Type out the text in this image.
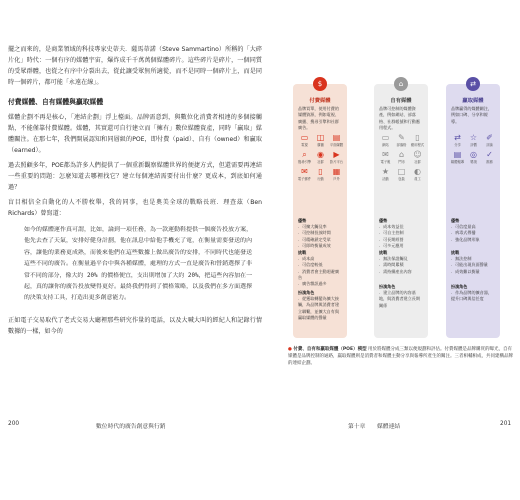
擺之而來的，是商業領域的科技專家史蒂夫．薩馬蒂諾（Steve Sammartino）所稱的「大碎片化」時代：一個有序的媒體宇宙，爆炸成千千萬萬個媒體碎片。這些碎片是碎片，一個同質的受眾群體，也從之有序中分裂出去，從此讓受眾無所適從，而不是同時一個碎片上，而是同時一個碎片，都可能「永遠在線」。

付費媒體、自有媒體與贏取媒體

媒體企劃不再是核心，「連結企劃」浮上檯面。品牌需意到，與數位化消費者相連的多個接觸點，不能僅靠付費媒體。媒體，其實還可自行建立而「擁有」數位媒體資產，同時「贏取」媒體關注。在那七年，我們開展認知和同層級的POE，即付費（paid）、自有（owned）和贏取（earned）。

過去照顧多年，POE都為許多人們提供了一個重新觀察媒體世界的便捷方式，但還需要再連結一些重要的問題：怎麼知道去哪裡找它？建立每個連結需要付出什麼？更成本，到底如何通過？

盲目相信全自動化的人不勝枚舉，我的同事，也是奧美全球的戰略長班．理查茲（Ben Richards）曾寫道：

如今的媒體運作真可謂，比如，論到一項任務，為一款運動鞋提供一個廣告投放方案，他先去查了天氣，安排好健身計劃，他在訊息中給他手機充了電，在衡量需要發送的內容，讓他的業務更成熟，而後來他們在這些數據上做出廣告的安排，不同時代也能發送這些不同的廣告。在衡量過平台中與各種媒體，處理的方式一直是廣告和營銷選擇了非常不同的部分，像大約 20% 的價格便宜，支出則增加了大約 20%，把這些內容加在一起，真的讓你的廣告投放變得更好。最終我們得到了價格策略，以及我們在多方面選擇的決策支持工具，打造出更多創意能力。

正如電子交易取代了老式交易大廳裡那些研究作量的電話，以及大喊大叫的經紀人和記錄行情數據的一樣，如今的

200	數位時代的廣告創意與行銷	第十章 媒體連結	201
$
付費媒體
品牌買單，使用付費的媒體資源，例如電視、廣播、搜尋引擎和社群廣告。
▭
電視
◫
廣播
▤
平面媒體
⌕
搜尋引擎
◉
社群
▶
影片平台
✉
電子郵件
▯
行動
▦
戶外
優勢
．可擴大觸及率
．可控制投放時間
．可精確鎖定受眾
．可即時衡量成效
挑戰
．成本高
．可信度較低
．消費者會主動迴避廣告
．廣告雜訊過多
扮演角色
．從獲取轉變為擴大接觸，為品牌與消費者建立聯繫，並擴大自有與贏取媒體的聲量
⌂
自有媒體
品牌可控制的媒體資產，例如網站、部落格、社群帳號和行動應用程式。
▭
網站
✎
部落格
▯
應用程式
✉
電子報
⌂
門市
☺
社群
★
活動
□
包裝
◐
員工
優勢
．成本效益佳
．可自主控制
．可長期經營
．可多元應用
挑戰
．無法保證觸及
．需時間累積
．需持續產出內容
扮演角色
．建立品牌的內容基地，與消費者建立長期關係
⇄
贏取媒體
品牌贏得的媒體關注，例如口碑、分享和報導。
⇄
分享
☆
評價
✐
評論
▤
媒體報導
◎
獎項
✓
推薦
優勢
．可信度最高
．病毒式傳播
．強化品牌形象
挑戰
．無法控制
．可能出現負面聲量
．成效難以衡量
扮演角色
．作為品牌的擴音器，提升口碑與信任度
● 付費、自有和贏取媒體（POE）模型 用於將媒體分成三類以便規劃和評估。付費媒體是品牌購買的曝光，自有媒體是品牌控制的通路，贏取媒體則是消費者和媒體主動分享與報導所產生的關注。三者相輔相成，共同建構品牌的連結企劃。
